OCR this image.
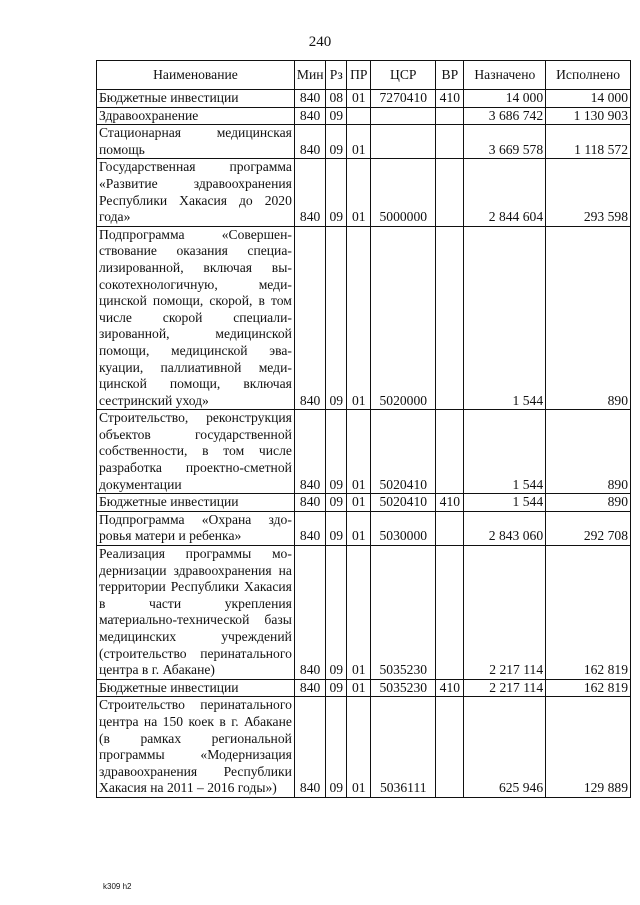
240
Наименование	Мин	Рз	ПР	ЦСР	ВР	Назначено	Исполнено
Бюджетные инвестиции	840	08	01	7270410	410	14 000	14 000
Здравоохранение	840	09				3 686 742	1 130 903
Стационарная медицинская помощь	840	09	01			3 669 578	1 118 572
Государственная программа «Развитие здравоохранения Республики Хакасия до 2020 года»	840	09	01	5000000		2 844 604	293 598
Подпрограмма «Совершенствование оказания специализированной, включая высокотехнологичную, медицинской помощи, скорой, в том числе скорой специализированной, медицинской помощи, медицинской эвакуации, паллиативной медицинской помощи, включая сестринский уход»	840	09	01	5020000		1 544	890
Строительство, реконструкция объектов государственной собственности, в том числе разработка проектно-сметной документации	840	09	01	5020410		1 544	890
Бюджетные инвестиции	840	09	01	5020410	410	1 544	890
Подпрограмма «Охрана здоровья матери и ребенка»	840	09	01	5030000		2 843 060	292 708
Реализация программы модернизации здравоохранения на территории Республики Хакасия в части укрепления материально-технической базы медицинских учреждений (строительство перинатального центра в г. Абакане)	840	09	01	5035230		2 217 114	162 819
Бюджетные инвестиции	840	09	01	5035230	410	2 217 114	162 819
Строительство перинатального центра на 150 коек в г. Абакане (в рамках региональной программы «Модернизация здравоохранения Республики Хакасия на 2011 – 2016 годы»)	840	09	01	5036111		625 946	129 889
k309 h2
